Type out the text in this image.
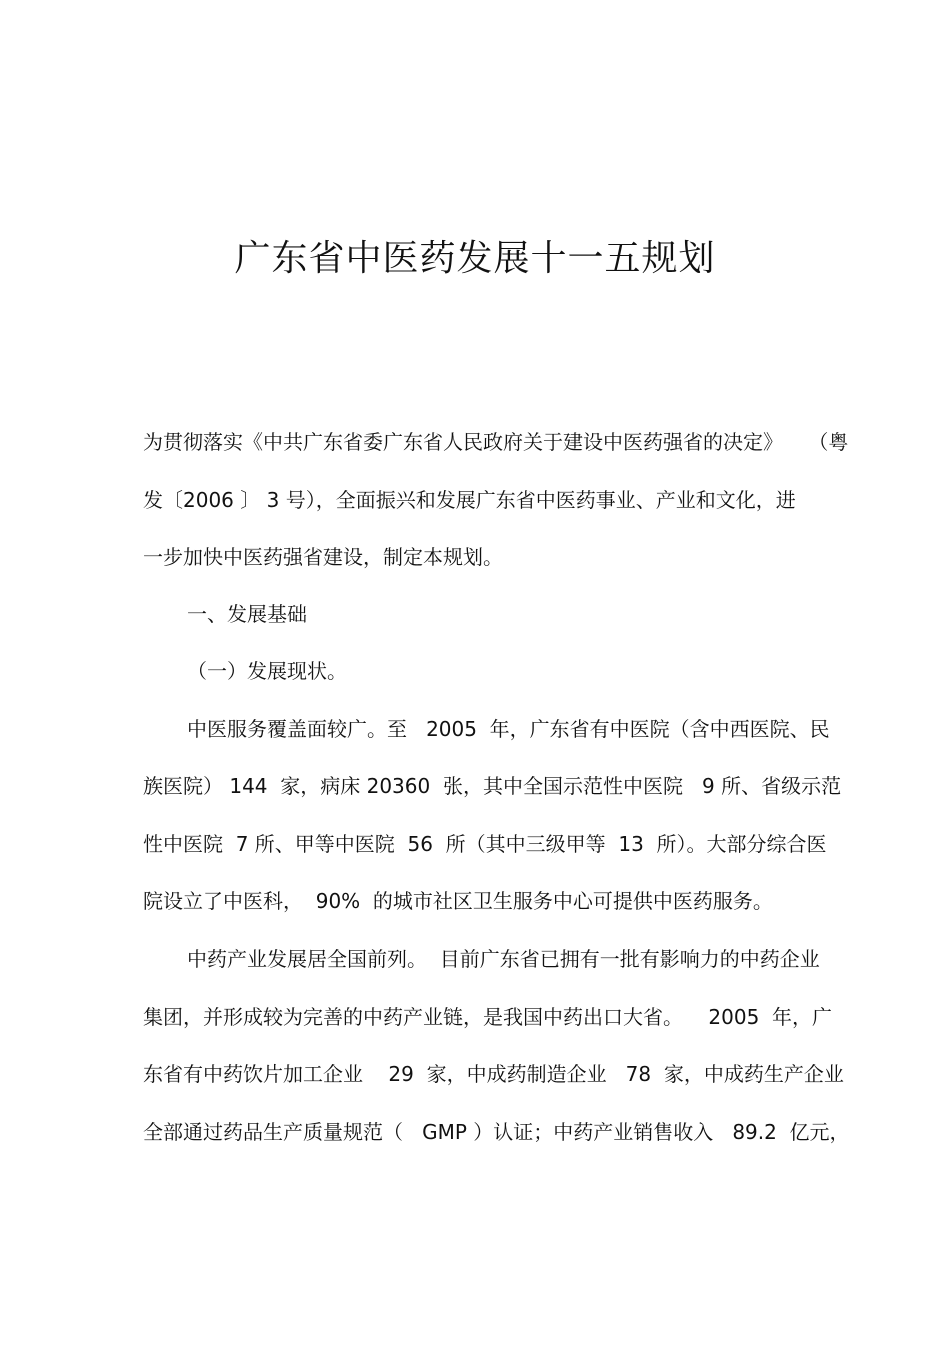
广东省中医药发展十一五规划

为贯彻落实《中共广东省委广东省人民政府关于建设中医药强省的决定》    （粤

发〔2006 〕 3 号），全面振兴和发展广东省中医药事业、产业和文化，进

一步加快中医药强省建设，制定本规划。

一、发展基础

（一）发展现状。

中医服务覆盖面较广。至   2005  年，广东省有中医院（含中西医院、民

族医院） 144  家，病床 20360  张，其中全国示范性中医院   9 所、省级示范

性中医院  7 所、甲等中医院  56  所（其中三级甲等  13  所）。大部分综合医

院设立了中医科，  90%  的城市社区卫生服务中心可提供中医药服务。

中药产业发展居全国前列。  目前广东省已拥有一批有影响力的中药企业

集团，并形成较为完善的中药产业链，是我国中药出口大省。    2005  年，广

东省有中药饮片加工企业    29  家，中成药制造企业   78  家，中成药生产企业

全部通过药品生产质量规范（   GMP ）认证；中药产业销售收入   89.2  亿元，
